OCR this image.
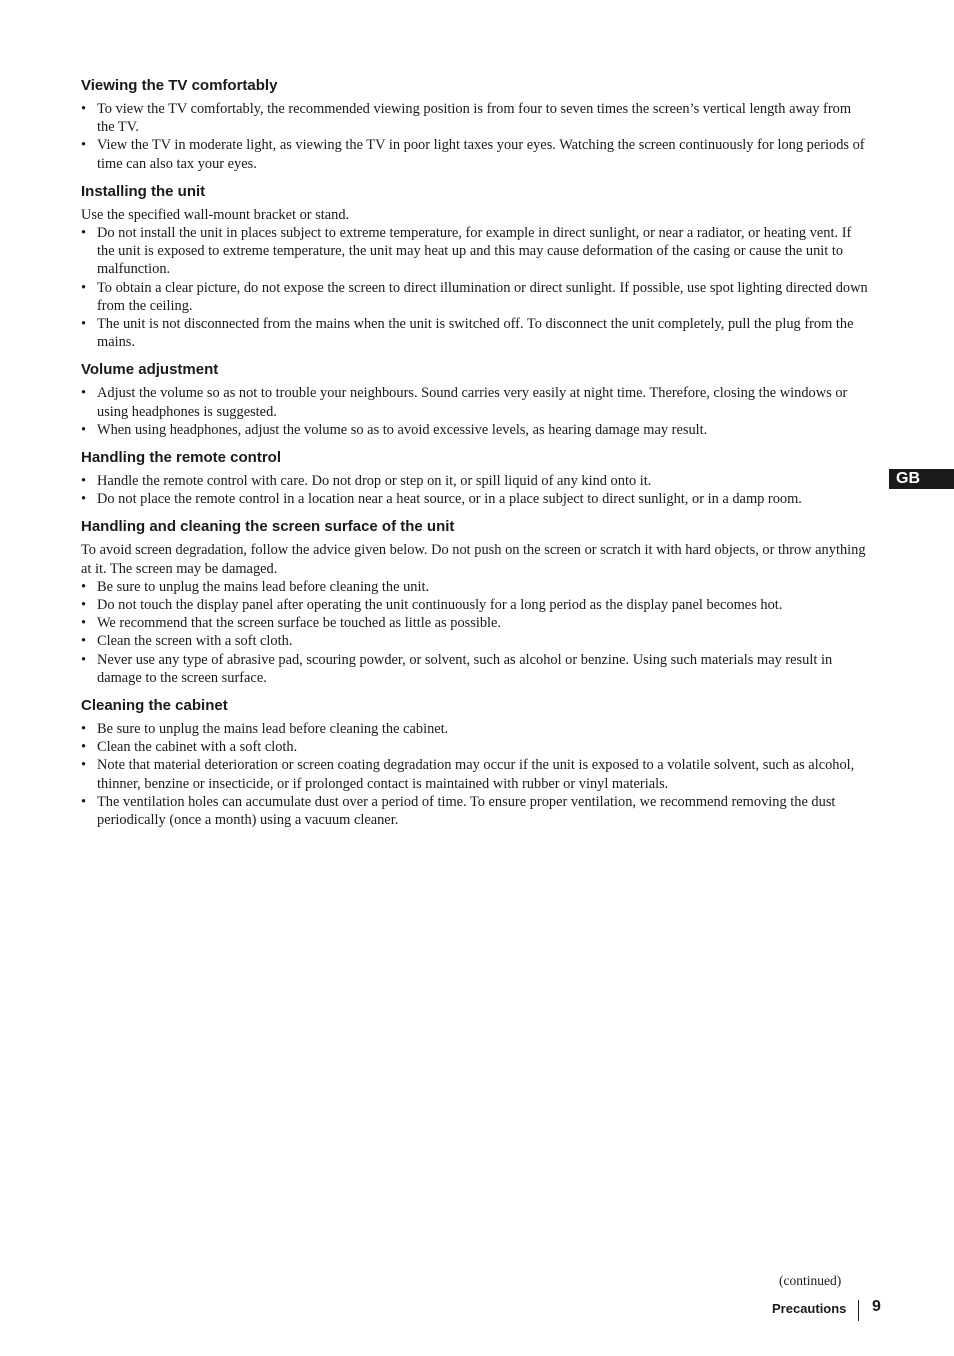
Viewing the TV comfortably
• To view the TV comfortably, the recommended viewing position is from four to seven times the screen’s vertical length away from the TV.
• View the TV in moderate light, as viewing the TV in poor light taxes your eyes. Watching the screen continuously for long periods of time can also tax your eyes.
Installing the unit

Use the specified wall-mount bracket or stand.

• Do not install the unit in places subject to extreme temperature, for example in direct sunlight, or near a radiator, or heating vent. If the unit is exposed to extreme temperature, the unit may heat up and this may cause deformation of the casing or cause the unit to malfunction.
• To obtain a clear picture, do not expose the screen to direct illumination or direct sunlight. If possible, use spot lighting directed down from the ceiling.
• The unit is not disconnected from the mains when the unit is switched off. To disconnect the unit completely, pull the plug from the mains.
Volume adjustment
• Adjust the volume so as not to trouble your neighbours. Sound carries very easily at night time. Therefore, closing the windows or using headphones is suggested.
• When using headphones, adjust the volume so as to avoid excessive levels, as hearing damage may result.
Handling the remote control
• Handle the remote control with care. Do not drop or step on it, or spill liquid of any kind onto it.
• Do not place the remote control in a location near a heat source, or in a place subject to direct sunlight, or in a damp room.
Handling and cleaning the screen surface of the unit

To avoid screen degradation, follow the advice given below. Do not push on the screen or scratch it with hard objects, or throw anything at it. The screen may be damaged.

• Be sure to unplug the mains lead before cleaning the unit.
• Do not touch the display panel after operating the unit continuously for a long period as the display panel becomes hot.
• We recommend that the screen surface be touched as little as possible.
• Clean the screen with a soft cloth.
• Never use any type of abrasive pad, scouring powder, or solvent, such as alcohol or benzine. Using such materials may result in damage to the screen surface.
Cleaning the cabinet
• Be sure to unplug the mains lead before cleaning the cabinet.
• Clean the cabinet with a soft cloth.
• Note that material deterioration or screen coating degradation may occur if the unit is exposed to a volatile solvent, such as alcohol, thinner, benzine or insecticide, or if prolonged contact is maintained with rubber or vinyl materials.
• The ventilation holes can accumulate dust over a period of time. To ensure proper ventilation, we recommend removing the dust periodically (once a month) using a vacuum cleaner.
GB
(continued)
Precautions 9
